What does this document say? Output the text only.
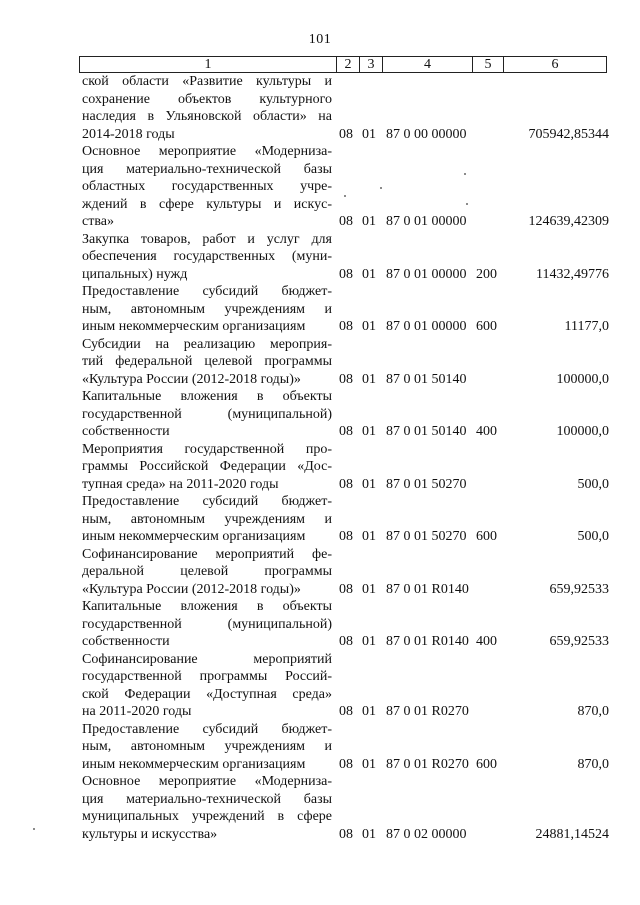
101
1	2	3	4	5	6
ской области «Развитие культуры и
сохранение объектов культурного
наследия в Ульяновской области» на
2014-2018 годы	08 01 87 0 00 00000	705942,85344
Основное мероприятие «Модерниза-
ция материально-технической базы
областных государственных учре-
ждений в сфере культуры и искус-
ства»	08 01 87 0 01 00000	124639,42309
Закупка товаров, работ и услуг для
обеспечения государственных (муни-
ципальных) нужд	08 01 87 0 01 00000 200	11432,49776
Предоставление субсидий бюджет-
ным, автономным учреждениям и
иным некоммерческим организациям	08 01 87 0 01 00000 600	11177,0
Субсидии на реализацию мероприя-
тий федеральной целевой программы
«Культура России (2012-2018 годы)»	08 01 87 0 01 50140	100000,0
Капитальные вложения в объекты
государственной (муниципальной)
собственности	08 01 87 0 01 50140 400	100000,0
Мероприятия государственной про-
граммы Российской Федерации «Дос-
тупная среда» на 2011-2020 годы	08 01 87 0 01 50270	500,0
Предоставление субсидий бюджет-
ным, автономным учреждениям и
иным некоммерческим организациям	08 01 87 0 01 50270 600	500,0
Софинансирование мероприятий фе-
деральной целевой программы
«Культура России (2012-2018 годы)»	08 01 87 0 01 R0140	659,92533
Капитальные вложения в объекты
государственной (муниципальной)
собственности	08 01 87 0 01 R0140 400	659,92533
Софинансирование мероприятий
государственной программы Россий-
ской Федерации «Доступная среда»
на 2011-2020 годы	08 01 87 0 01 R0270	870,0
Предоставление субсидий бюджет-
ным, автономным учреждениям и
иным некоммерческим организациям	08 01 87 0 01 R0270 600	870,0
Основное мероприятие «Модерниза-
ция материально-технической базы
муниципальных учреждений в сфере
культуры и искусства»	08 01 87 0 02 00000	24881,14524
